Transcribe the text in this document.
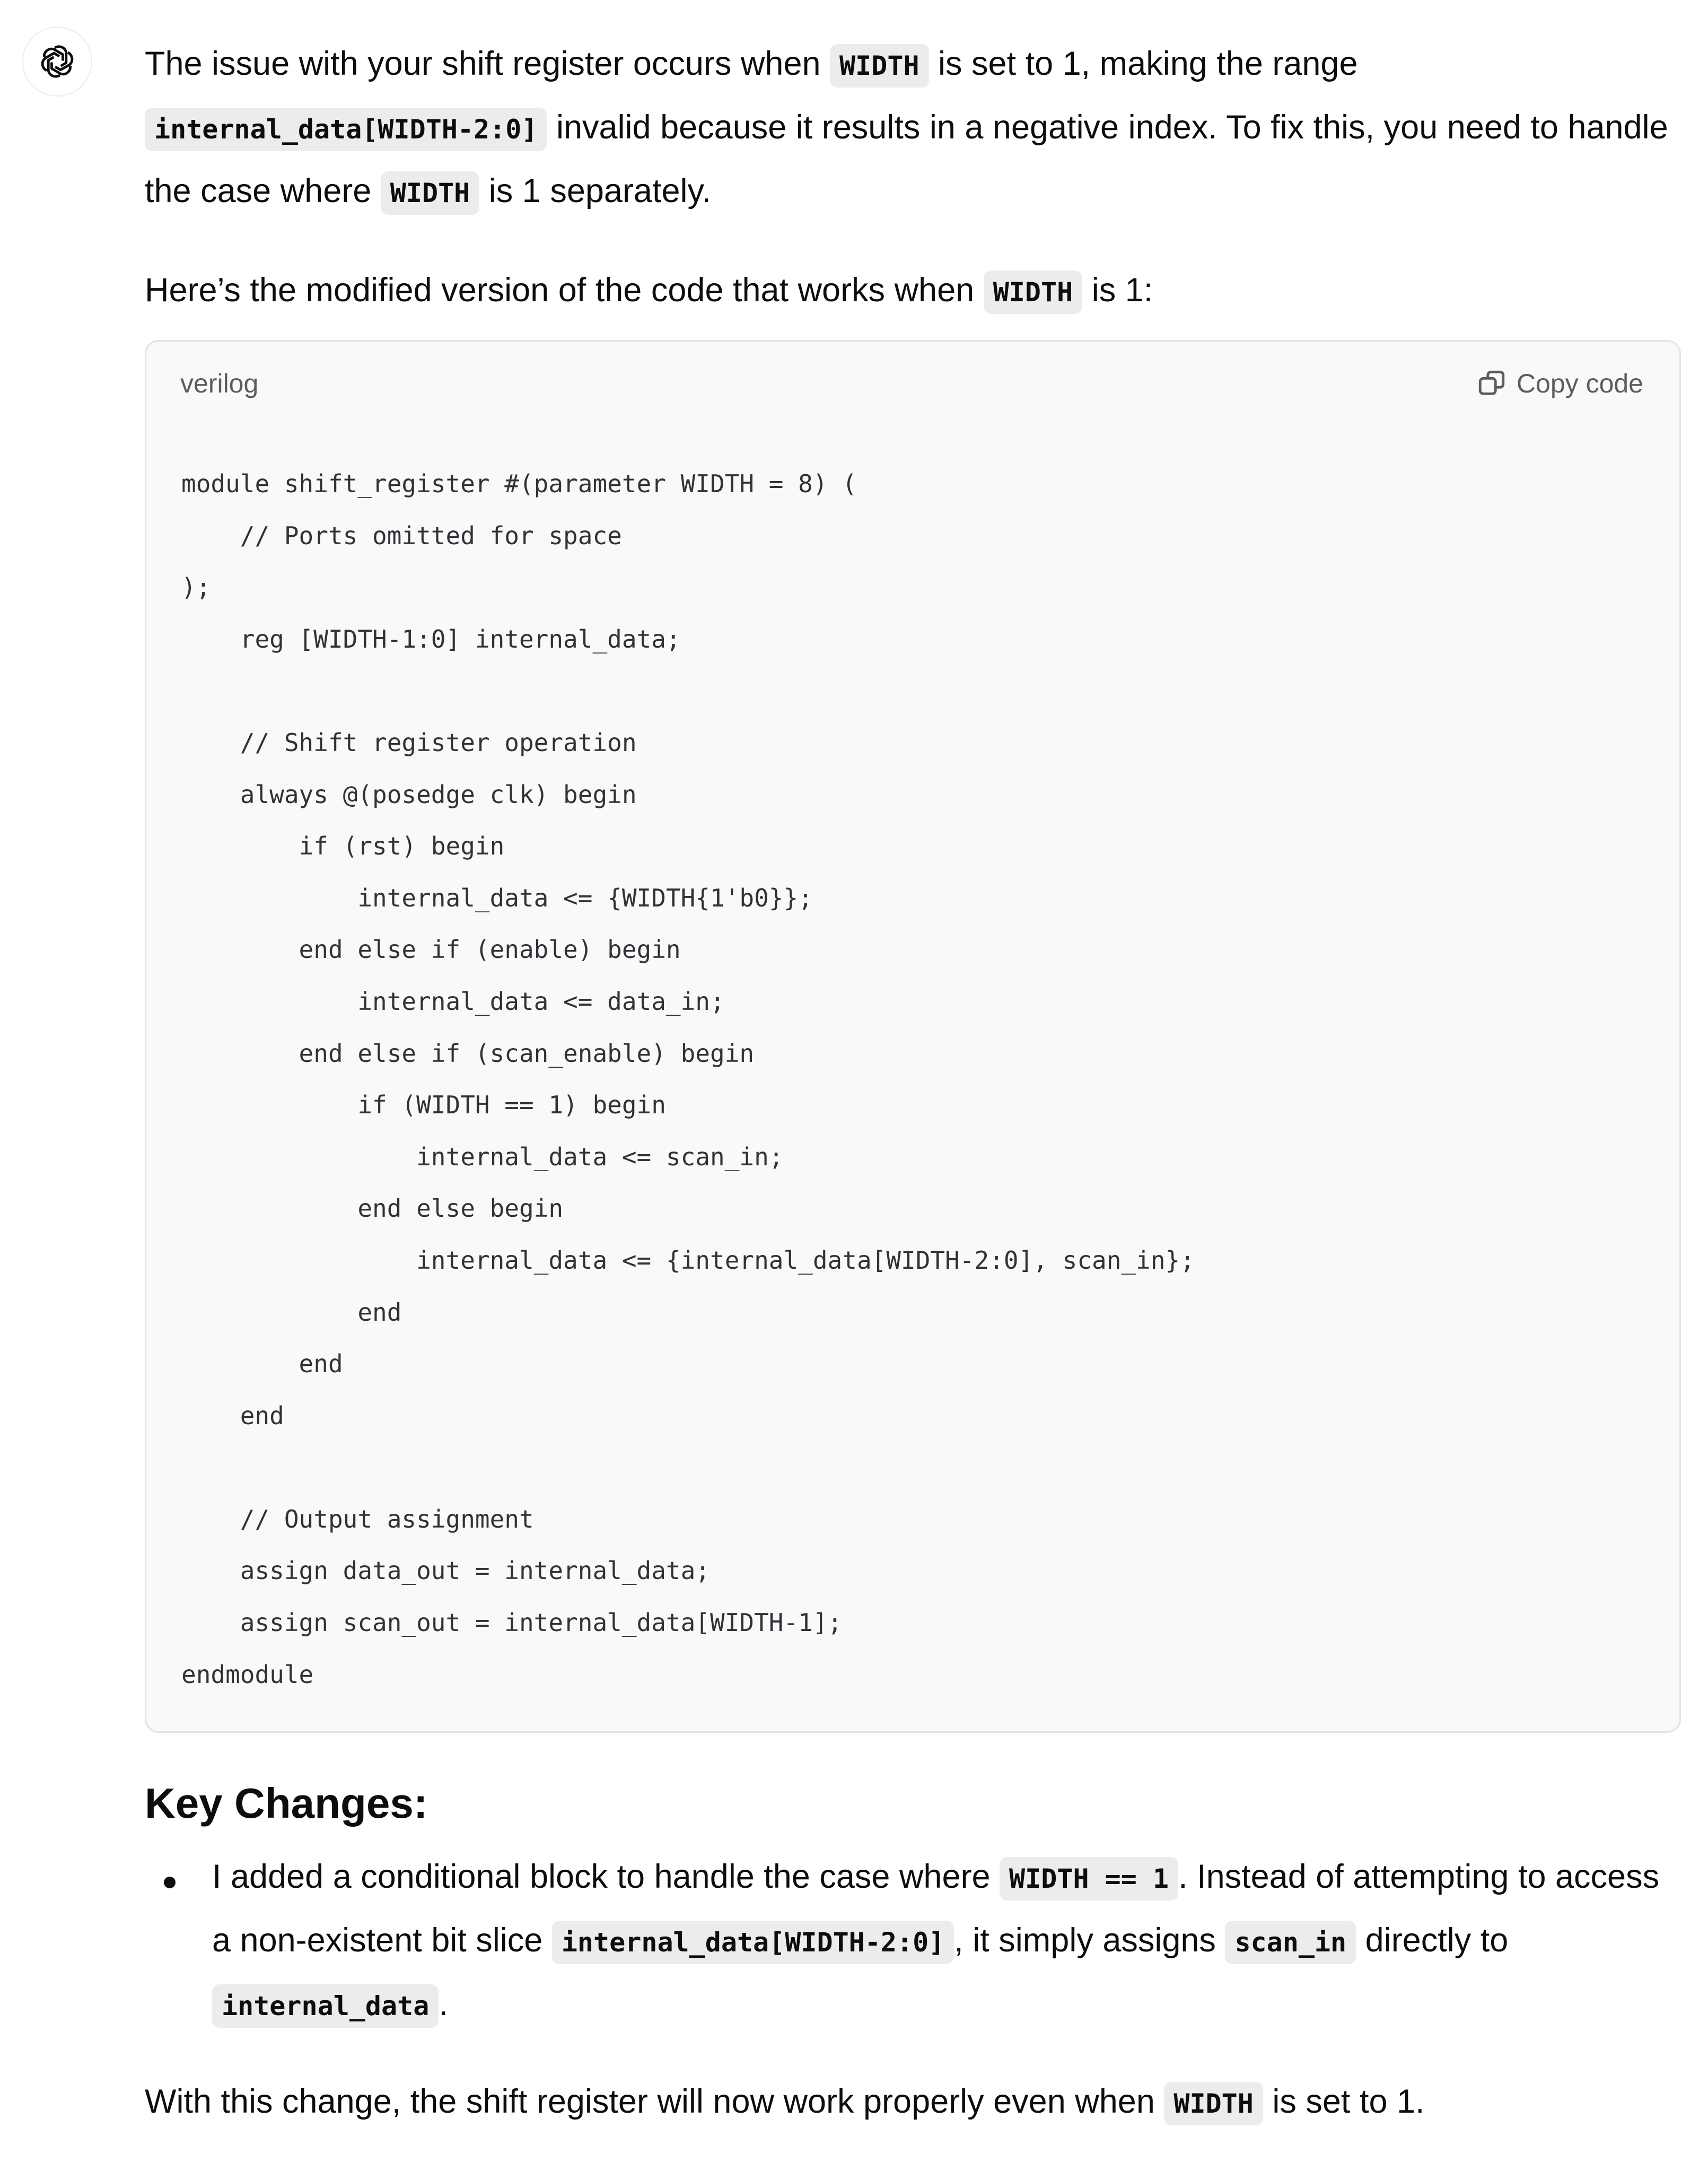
The issue with your shift register occurs when WIDTH is set to 1, making the range internal_data[WIDTH-2:0] invalid because it results in a negative index. To fix this, you need to handle the case where WIDTH is 1 separately.

Here’s the modified version of the code that works when WIDTH is 1:

verilog	Copy code
module shift_register #(parameter WIDTH = 8) (
// Ports omitted for space
);
reg [WIDTH-1:0] internal_data;
// Shift register operation
always @(posedge clk) begin
if (rst) begin
internal_data <= {WIDTH{1'b0}};
end else if (enable) begin
internal_data <= data_in;
end else if (scan_enable) begin
if (WIDTH == 1) begin
internal_data <= scan_in;
end else begin
internal_data <= {internal_data[WIDTH-2:0], scan_in};
end
end
end
// Output assignment
assign data_out = internal_data;
assign scan_out = internal_data[WIDTH-1];
endmodule
Key Changes:
I added a conditional block to handle the case where WIDTH == 1 . Instead of attempting to access a non-existent bit slice internal_data[WIDTH-2:0] , it simply assigns scan_in directly to internal_data .

With this change, the shift register will now work properly even when WIDTH is set to 1.
